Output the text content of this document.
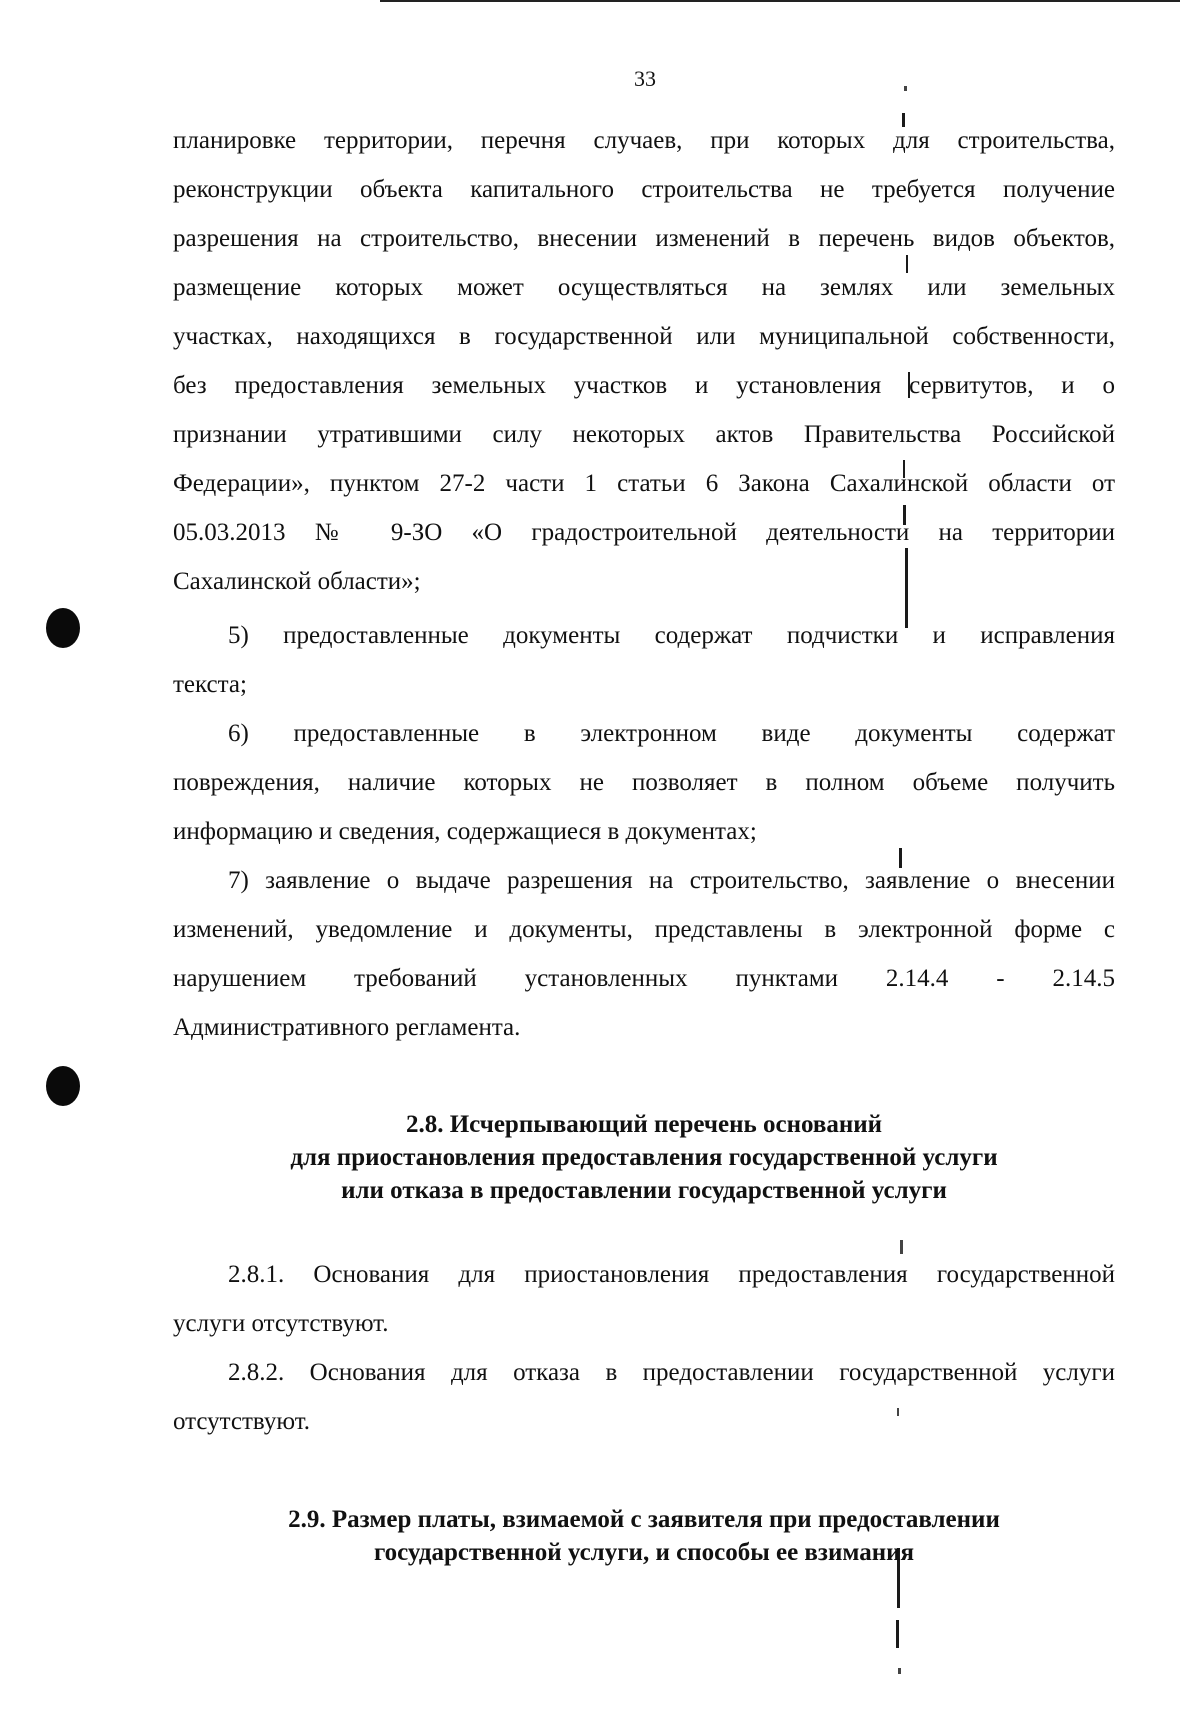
33
планировке территории, перечня случаев, при которых для строительства,
реконструкции объекта капитального строительства не требуется получение
разрешения на строительство, внесении изменений в перечень видов объектов,
размещение которых может осуществляться на землях или земельных
участках, находящихся в государственной или муниципальной собственности,
без предоставления земельных участков и установления сервитутов, и о
признании утратившими силу некоторых актов Правительства Российской
Федерации», пунктом 27-2 части 1 статьи 6 Закона Сахалинской области от
05.03.2013 № 9-ЗО «О градостроительной деятельности на территории
Сахалинской области»;
5) предоставленные документы содержат подчистки и исправления
текста;
6) предоставленные в электронном виде документы содержат
повреждения, наличие которых не позволяет в полном объеме получить
информацию и сведения, содержащиеся в документах;
7) заявление о выдаче разрешения на строительство, заявление о внесении
изменений, уведомление и документы, представлены в электронной форме с
нарушением требований установленных пунктами 2.14.4 - 2.14.5
Административного регламента.
2.8. Исчерпывающий перечень оснований
для приостановления предоставления государственной услуги
или отказа в предоставлении государственной услуги
2.8.1. Основания для приостановления предоставления государственной
услуги отсутствуют.
2.8.2. Основания для отказа в предоставлении государственной услуги
отсутствуют.
2.9. Размер платы, взимаемой с заявителя при предоставлении
государственной услуги, и способы ее взимания
